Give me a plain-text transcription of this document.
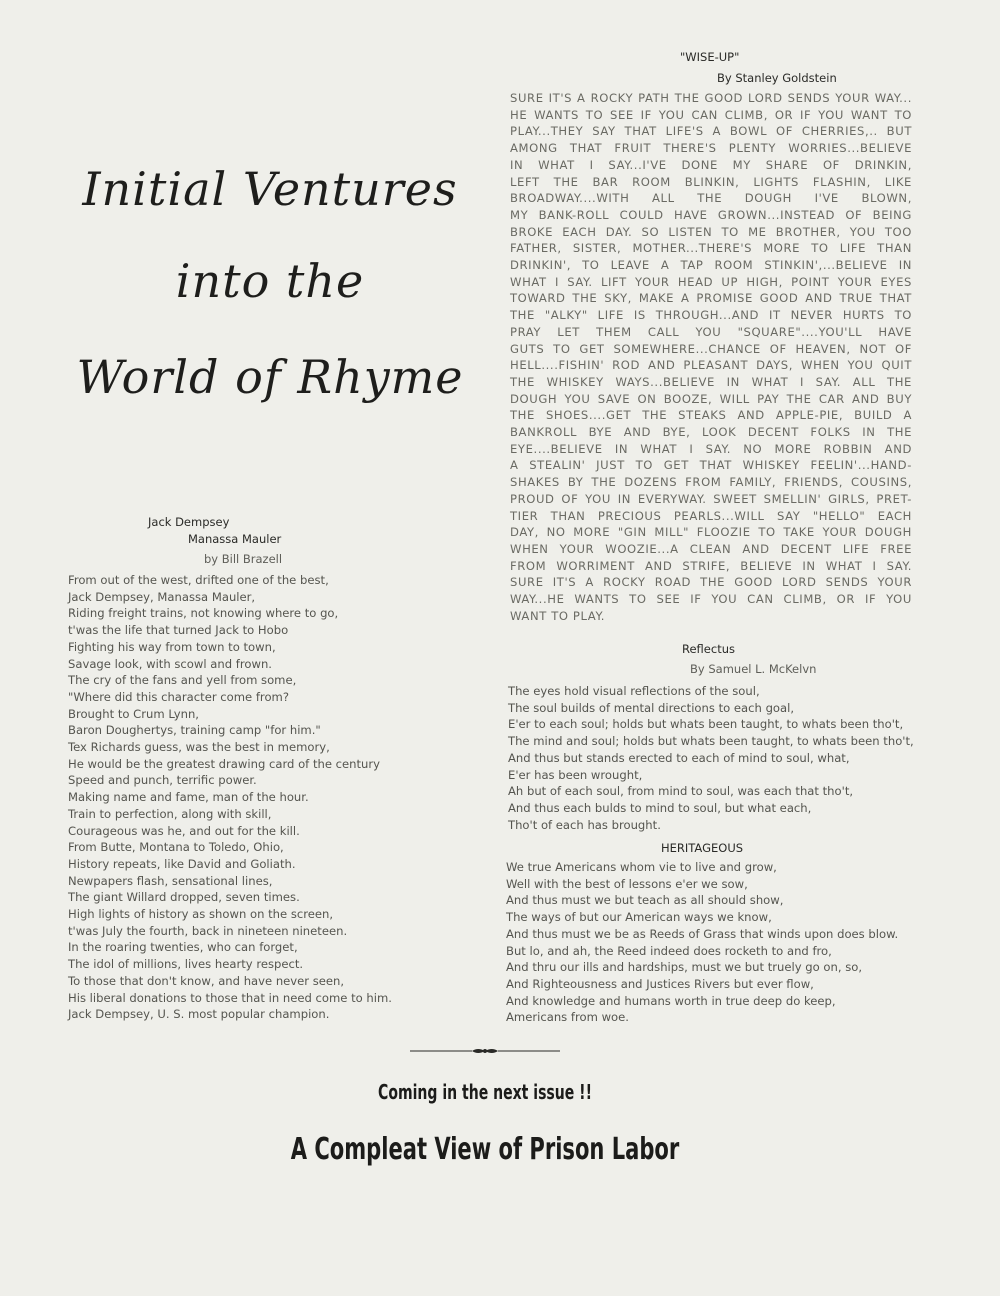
Initial Ventures
into the
World of Rhyme
Jack Dempsey
Manassa Mauler
by Bill Brazell
From out of the west, drifted one of the best,
Jack Dempsey, Manassa Mauler,
Riding freight trains, not knowing where to go,
t'was the life that turned Jack to Hobo
Fighting his way from town to town,
Savage look, with scowl and frown.
The cry of the fans and yell from some,
"Where did this character come from?
Brought to Crum Lynn,
Baron Doughertys, training camp "for him."
Tex Richards guess, was the best in memory,
He would be the greatest drawing card of the century
Speed and punch, terrific power.
Making name and fame, man of the hour.
Train to perfection, along with skill,
Courageous was he, and out for the kill.
From Butte, Montana to Toledo, Ohio,
History repeats, like David and Goliath.
Newpapers flash, sensational lines,
The giant Willard dropped, seven times.
High lights of history as shown on the screen,
t'was July the fourth, back in nineteen nineteen.
In the roaring twenties, who can forget,
The idol of millions, lives hearty respect.
To those that don't know, and have never seen,
His liberal donations to those that in need come to him.
Jack Dempsey, U. S. most popular champion.
"WISE-UP"
By Stanley Goldstein
SURE IT'S A ROCKY PATH THE GOOD LORD SENDS YOUR WAY...
HE WANTS TO SEE IF YOU CAN CLIMB, OR IF YOU WANT TO
PLAY...THEY SAY THAT LIFE'S A BOWL OF CHERRIES,.. BUT
AMONG THAT FRUIT THERE'S PLENTY WORRIES...BELIEVE
IN WHAT I SAY...I'VE DONE MY SHARE OF DRINKIN,
LEFT THE BAR ROOM BLINKIN, LIGHTS FLASHIN, LIKE
BROADWAY....WITH ALL THE DOUGH I'VE BLOWN,
MY BANK-ROLL COULD HAVE GROWN...INSTEAD OF BEING
BROKE EACH DAY. SO LISTEN TO ME BROTHER, YOU TOO
FATHER, SISTER, MOTHER...THERE'S MORE TO LIFE THAN
DRINKIN', TO LEAVE A TAP ROOM STINKIN',...BELIEVE IN
WHAT I SAY. LIFT YOUR HEAD UP HIGH, POINT YOUR EYES
TOWARD THE SKY, MAKE A PROMISE GOOD AND TRUE THAT
THE "ALKY" LIFE IS THROUGH...AND IT NEVER HURTS TO
PRAY LET THEM CALL YOU "SQUARE"....YOU'LL HAVE
GUTS TO GET SOMEWHERE...CHANCE OF HEAVEN, NOT OF
HELL....FISHIN' ROD AND PLEASANT DAYS, WHEN YOU QUIT
THE WHISKEY WAYS...BELIEVE IN WHAT I SAY. ALL THE
DOUGH YOU SAVE ON BOOZE, WILL PAY THE CAR AND BUY
THE SHOES....GET THE STEAKS AND APPLE-PIE, BUILD A
BANKROLL BYE AND BYE, LOOK DECENT FOLKS IN THE
EYE....BELIEVE IN WHAT I SAY. NO MORE ROBBIN AND
A STEALIN' JUST TO GET THAT WHISKEY FEELIN'...HAND-
SHAKES BY THE DOZENS FROM FAMILY, FRIENDS, COUSINS,
PROUD OF YOU IN EVERYWAY. SWEET SMELLIN' GIRLS, PRET-
TIER THAN PRECIOUS PEARLS...WILL SAY "HELLO" EACH
DAY, NO MORE "GIN MILL" FLOOZIE TO TAKE YOUR DOUGH
WHEN YOUR WOOZIE...A CLEAN AND DECENT LIFE FREE
FROM WORRIMENT AND STRIFE, BELIEVE IN WHAT I SAY.
SURE IT'S A ROCKY ROAD THE GOOD LORD SENDS YOUR
WAY...HE WANTS TO SEE IF YOU CAN CLIMB, OR IF YOU
WANT TO PLAY.
Reflectus
By Samuel L. McKelvn
The eyes hold visual reflections of the soul,
The soul builds of mental directions to each goal,
E'er to each soul; holds but whats been taught, to whats been tho't,
The mind and soul; holds but whats been taught, to whats been tho't,
And thus but stands erected to each of mind to soul, what,
E'er has been wrought,
Ah but of each soul, from mind to soul, was each that tho't,
And thus each bulds to mind to soul, but what each,
Tho't of each has brought.
HERITAGEOUS
We true Americans whom vie to live and grow,
Well with the best of lessons e'er we sow,
And thus must we but teach as all should show,
The ways of but our American ways we know,
And thus must we be as Reeds of Grass that winds upon does blow.
But lo, and ah, the Reed indeed does rocketh to and fro,
And thru our ills and hardships, must we but truely go on, so,
And Righteousness and Justices Rivers but ever flow,
And knowledge and humans worth in true deep do keep,
Americans from woe.
Coming in the next issue !!
A Compleat View of Prison Labor
